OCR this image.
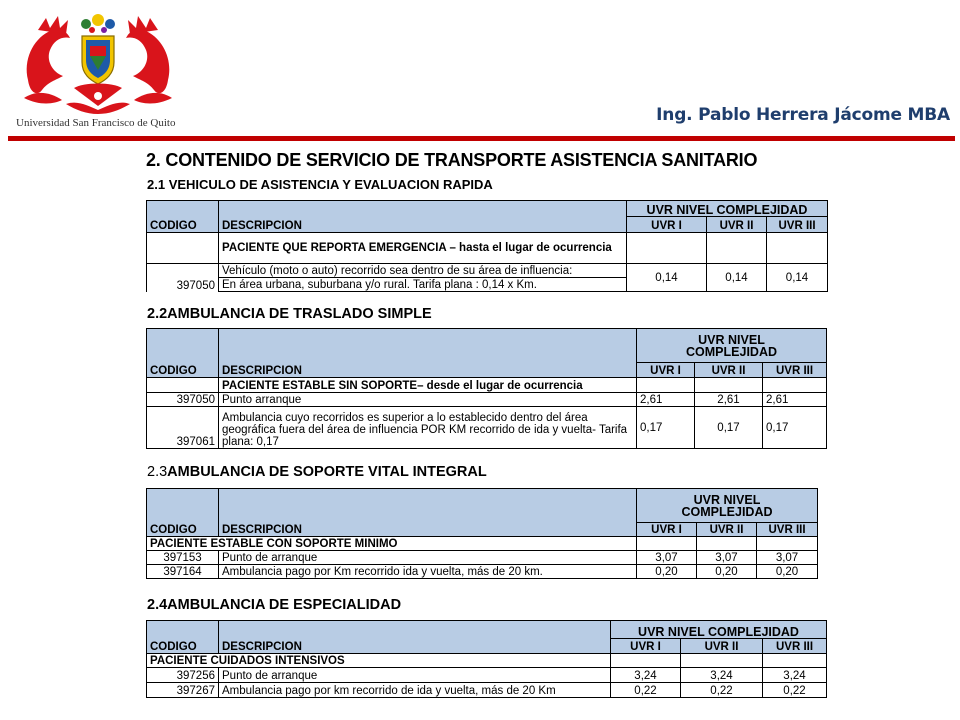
Universidad San Francisco de Quito	Ing. Pablo Herrera Jácome MBA
2. CONTENIDO DE SERVICIO DE TRANSPORTE ASISTENCIA SANITARIO
2.1 VEHICULO DE ASISTENCIA Y EVALUACION RAPIDA
		UVR NIVEL COMPLEJIDAD		
CODIGO	DESCRIPCION	UVR I	UVR II	UVR III
	PACIENTE QUE REPORTA EMERGENCIA – hasta el lugar de ocurrencia			
397050	Vehículo (moto o auto) recorrido sea dentro de su área de influencia:	0,14	0,14	0,14
	En área urbana, suburbana y/o rural. Tarifa plana : 0,14 x Km.			
2.2AMBULANCIA DE TRASLADO SIMPLE

		UVR NIVEL
COMPLEJIDAD		

CODIGO	DESCRIPCION	UVR I	UVR II	UVR III
	PACIENTE ESTABLE SIN SOPORTE– desde el lugar de ocurrencia			
397050	Punto arranque	2,61	2,61	2,61
397061	Ambulancia cuyo recorridos es superior a lo establecido dentro del área geográfica fuera del área de influencia POR KM recorrido de ida y vuelta- Tarifa plana: 0,17	0,17	0,17	0,17
2.3AMBULANCIA DE SOPORTE VITAL INTEGRAL

		UVR NIVEL
COMPLEJIDAD		

CODIGO	DESCRIPCION	UVR I	UVR II	UVR III
PACIENTE ESTABLE CON SOPORTE MINIMO				
397153	Punto de arranque	3,07	3,07	3,07
397164	Ambulancia pago por Km recorrido ida y vuelta, más de 20 km.	0,20	0,20	0,20
2.4AMBULANCIA DE ESPECIALIDAD
		UVR NIVEL COMPLEJIDAD		
CODIGO	DESCRIPCION	UVR I	UVR II	UVR III
PACIENTE CUIDADOS INTENSIVOS				
397256	Punto de arranque	3,24	3,24	3,24
397267	Ambulancia pago por km recorrido de ida y vuelta, más de 20 Km	0,22	0,22	0,22
